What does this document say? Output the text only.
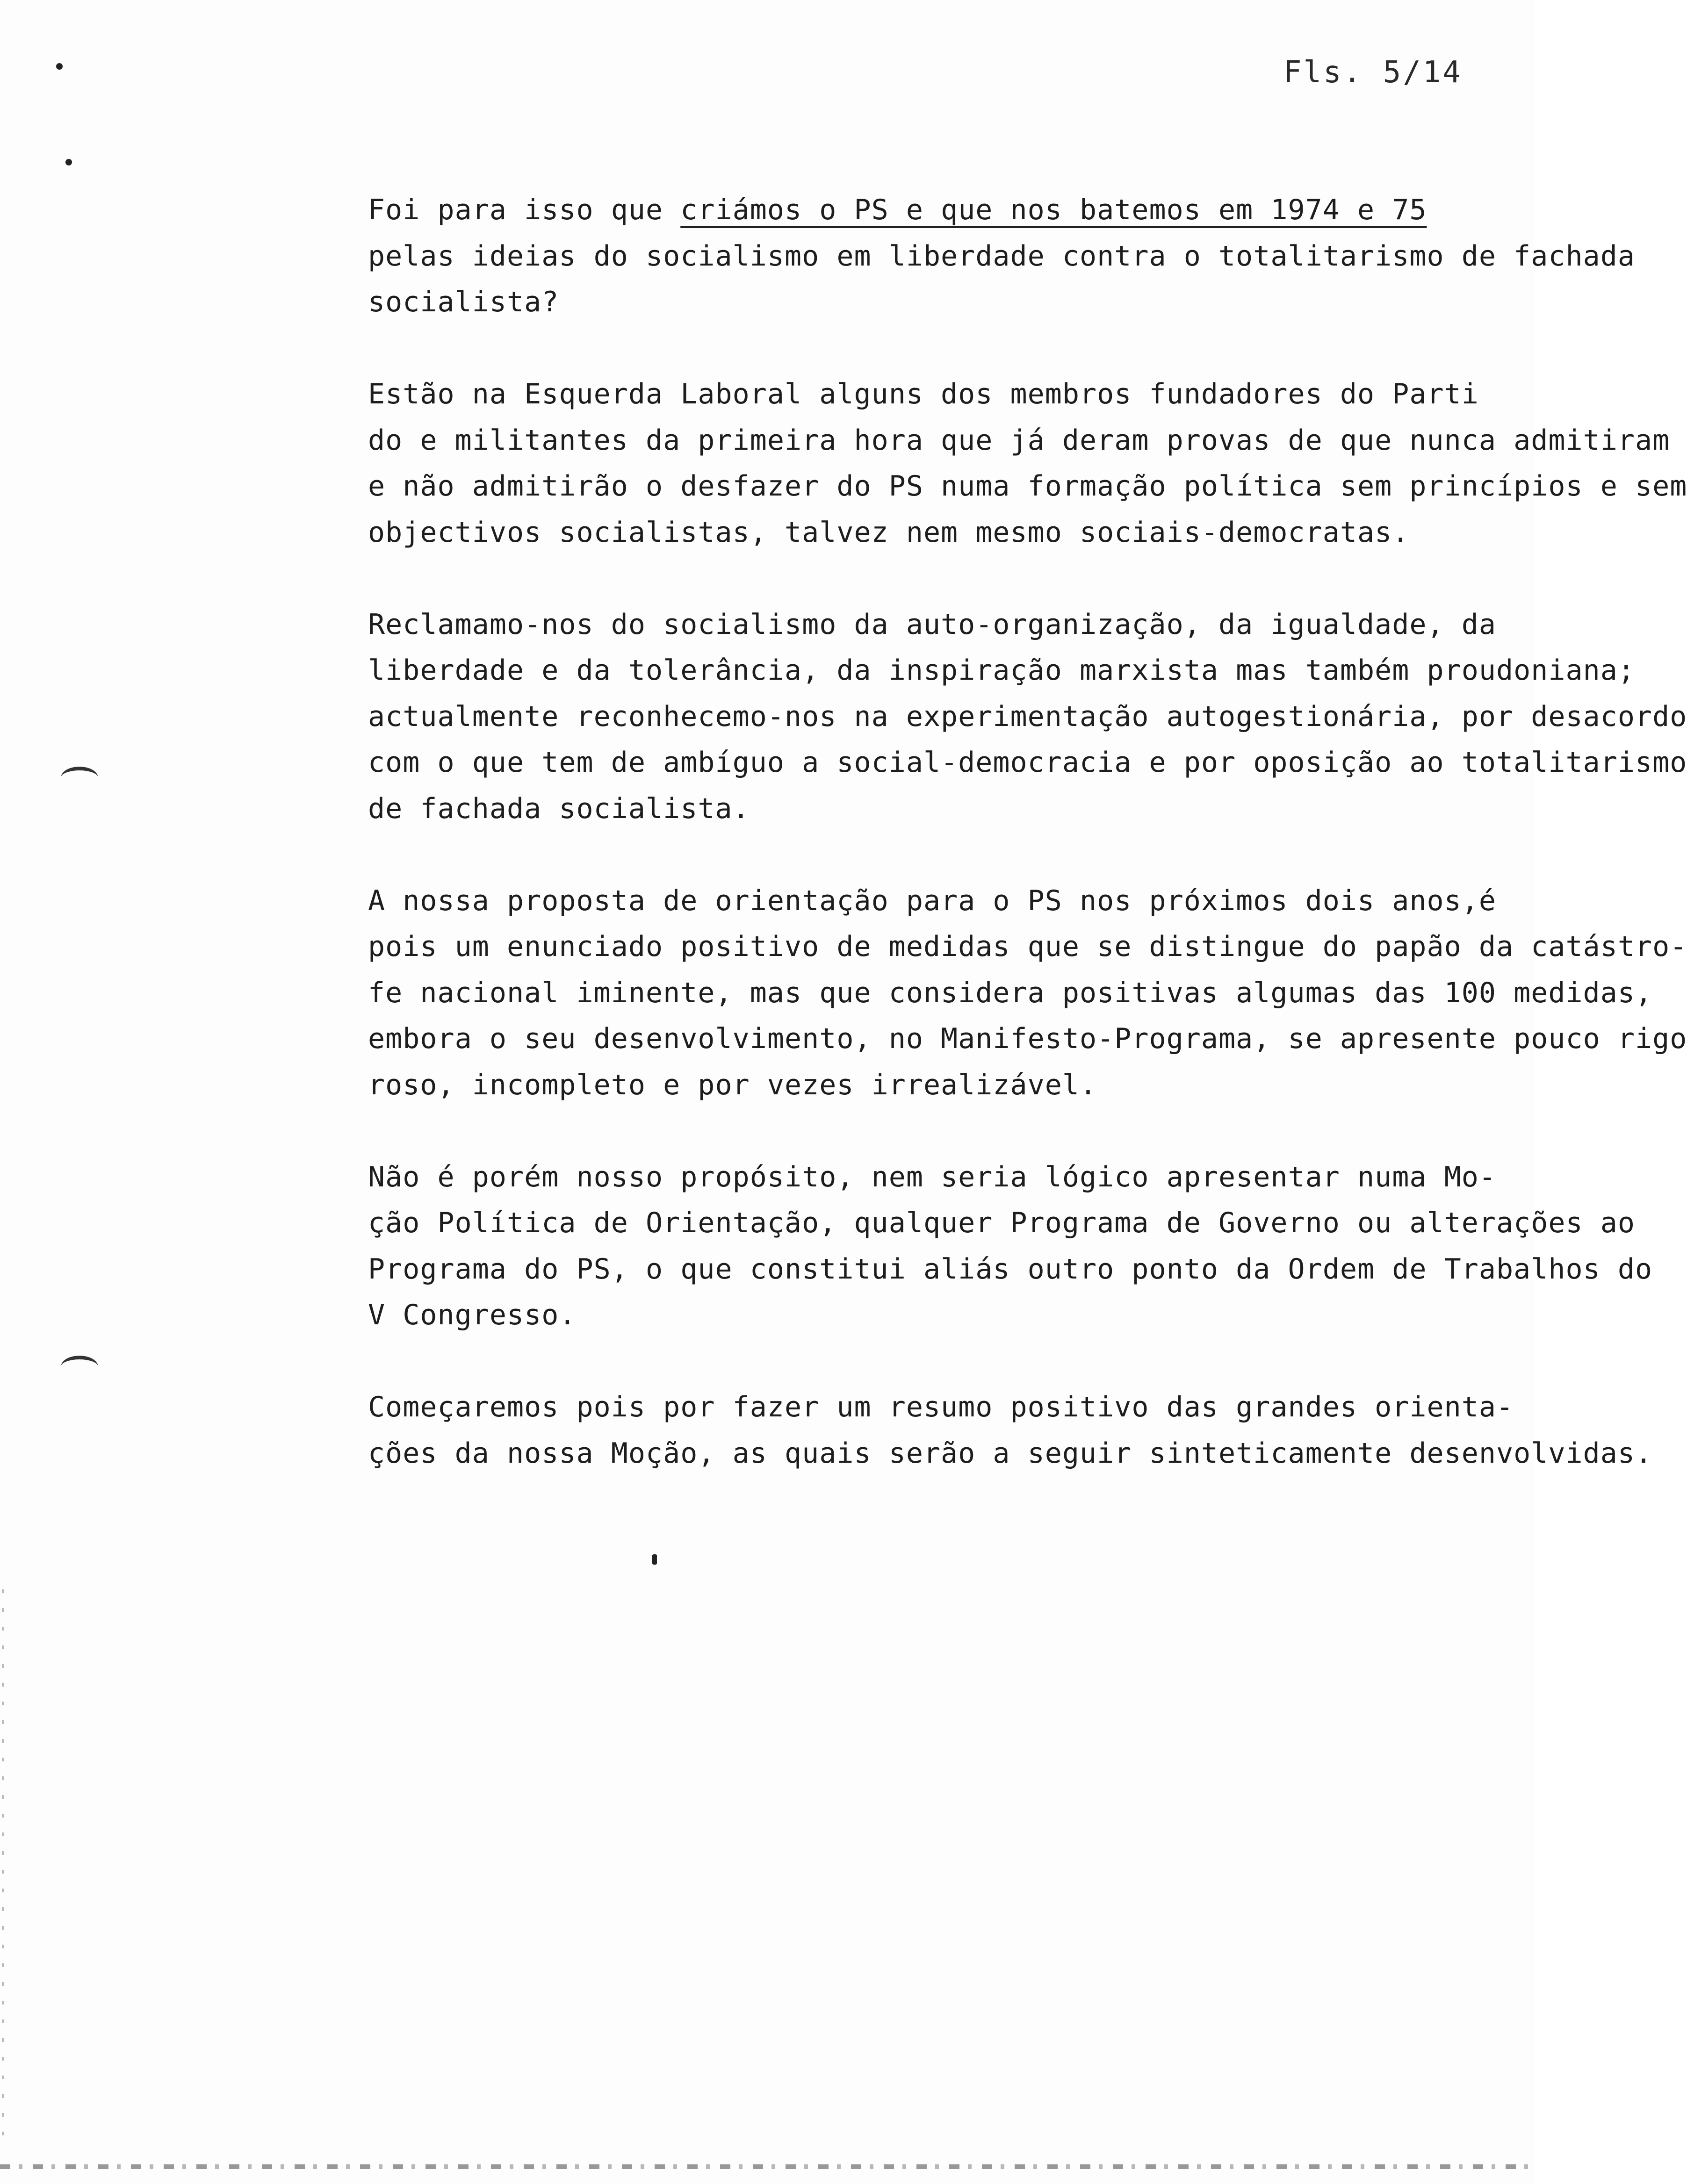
Fls. 5/14

Foi para isso que criámos o PS e que nos batemos em 1974 e 75
pelas ideias do socialismo em liberdade contra o totalitarismo de fachada
socialista?

Estão na Esquerda Laboral alguns dos membros fundadores do Parti
do e militantes da primeira hora que já deram provas de que nunca admitiram
e não admitirão o desfazer do PS numa formação política sem princípios e sem
objectivos socialistas, talvez nem mesmo sociais-democratas.

Reclamamo-nos do socialismo da auto-organização, da igualdade, da
liberdade e da tolerância, da inspiração marxista mas também proudoniana;
actualmente reconhecemo-nos na experimentação autogestionária, por desacordo
com o que tem de ambíguo a social-democracia e por oposição ao totalitarismo
de fachada socialista.

A nossa proposta de orientação para o PS nos próximos dois anos,é
pois um enunciado positivo de medidas que se distingue do papão da catástro-
fe nacional iminente, mas que considera positivas algumas das 100 medidas,
embora o seu desenvolvimento, no Manifesto-Programa, se apresente pouco rigo
roso, incompleto e por vezes irrealizável.

Não é porém nosso propósito, nem seria lógico apresentar numa Mo-
ção Política de Orientação, qualquer Programa de Governo ou alterações ao
Programa do PS, o que constitui aliás outro ponto da Ordem de Trabalhos do
V Congresso.

Começaremos pois por fazer um resumo positivo das grandes orienta-
ções da nossa Moção, as quais serão a seguir sinteticamente desenvolvidas.
